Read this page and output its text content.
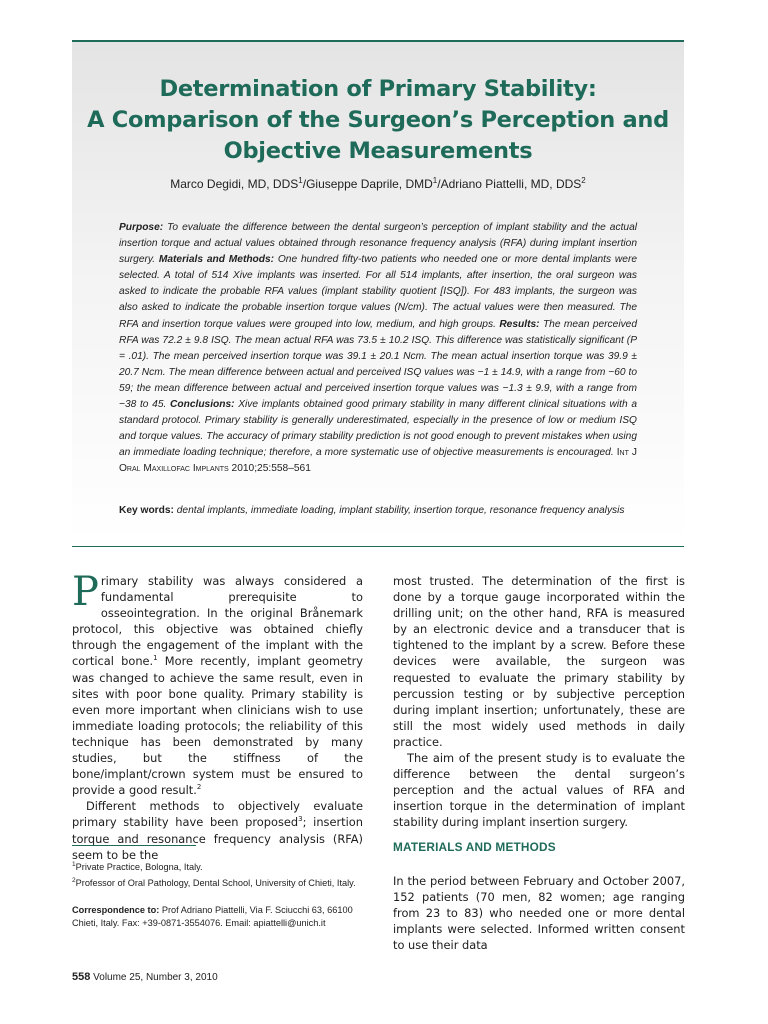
Determination of Primary Stability:
A Comparison of the Surgeon’s Perception and
Objective Measurements
Marco Degidi, MD, DDS$^1$/Giuseppe Daprile, DMD$^1$/Adriano Piattelli, MD, DDS$^2$

Purpose: To evaluate the difference between the dental surgeon’s perception of implant stability and the actual insertion torque and actual values obtained through resonance frequency analysis (RFA) during implant insertion surgery. Materials and Methods: One hundred fifty-two patients who needed one or more dental implants were selected. A total of 514 Xive implants was inserted. For all 514 implants, after insertion, the oral surgeon was asked to indicate the probable RFA values (implant stability quotient [ISQ]). For 483 implants, the surgeon was also asked to indicate the probable insertion torque values (N/cm). The actual values were then measured. The RFA and insertion torque values were grouped into low, medium, and high groups. Results: The mean perceived RFA was 72.2 ± 9.8 ISQ. The mean actual RFA was 73.5 ± 10.2 ISQ. This difference was statistically significant (P = .01). The mean perceived insertion torque was 39.1 ± 20.1 Ncm. The mean actual insertion torque was 39.9 ± 20.7 Ncm. The mean difference between actual and perceived ISQ values was −1 ± 14.9, with a range from −60 to 59; the mean difference between actual and perceived insertion torque values was −1.3 ± 9.9, with a range from −38 to 45. Conclusions: Xive implants obtained good primary stability in many different clinical situations with a standard protocol. Primary stability is generally underestimated, especially in the presence of low or medium ISQ and torque values. The accuracy of primary stability prediction is not good enough to prevent mistakes when using an immediate loading technique; therefore, a more systematic use of objective measurements is encouraged. Int J Oral Maxillofac Implants 2010;25:558–561

Key words: dental implants, immediate loading, implant stability, insertion torque, resonance frequency analysis

Primary stability was always considered a fundamental prerequisite to osseointegration. In the original Brånemark protocol, this objective was obtained chiefly through the engagement of the implant with the cortical bone.$^1$ More recently, implant geometry was changed to achieve the same result, even in sites with poor bone quality. Primary stability is even more important when clinicians wish to use immediate loading protocols; the reliability of this technique has been demonstrated by many studies, but the stiffness of the bone/implant/crown system must be ensured to provide a good result.$^2$

Different methods to objectively evaluate primary stability have been proposed$^3$; insertion torque and resonance frequency analysis (RFA) seem to be the

most trusted. The determination of the first is done by a torque gauge incorporated within the drilling unit; on the other hand, RFA is measured by an electronic device and a transducer that is tightened to the implant by a screw. Before these devices were available, the surgeon was requested to evaluate the primary stability by percussion testing or by subjective perception during implant insertion; unfortunately, these are still the most widely used methods in daily practice.

The aim of the present study is to evaluate the difference between the dental surgeon’s perception and the actual values of RFA and insertion torque in the determination of implant stability during implant insertion surgery.

MATERIALS AND METHODS

In the period between February and October 2007, 152 patients (70 men, 82 women; age ranging from 23 to 83) who needed one or more dental implants were selected. Informed written consent to use their data

$^1$Private Practice, Bologna, Italy.

$^2$Professor of Oral Pathology, Dental School, University of Chieti, Italy.

Correspondence to: Prof Adriano Piattelli, Via F. Sciucchi 63, 66100 Chieti, Italy. Fax: +39-0871-3554076. Email: apiattelli@unich.it

558 Volume 25, Number 3, 2010
